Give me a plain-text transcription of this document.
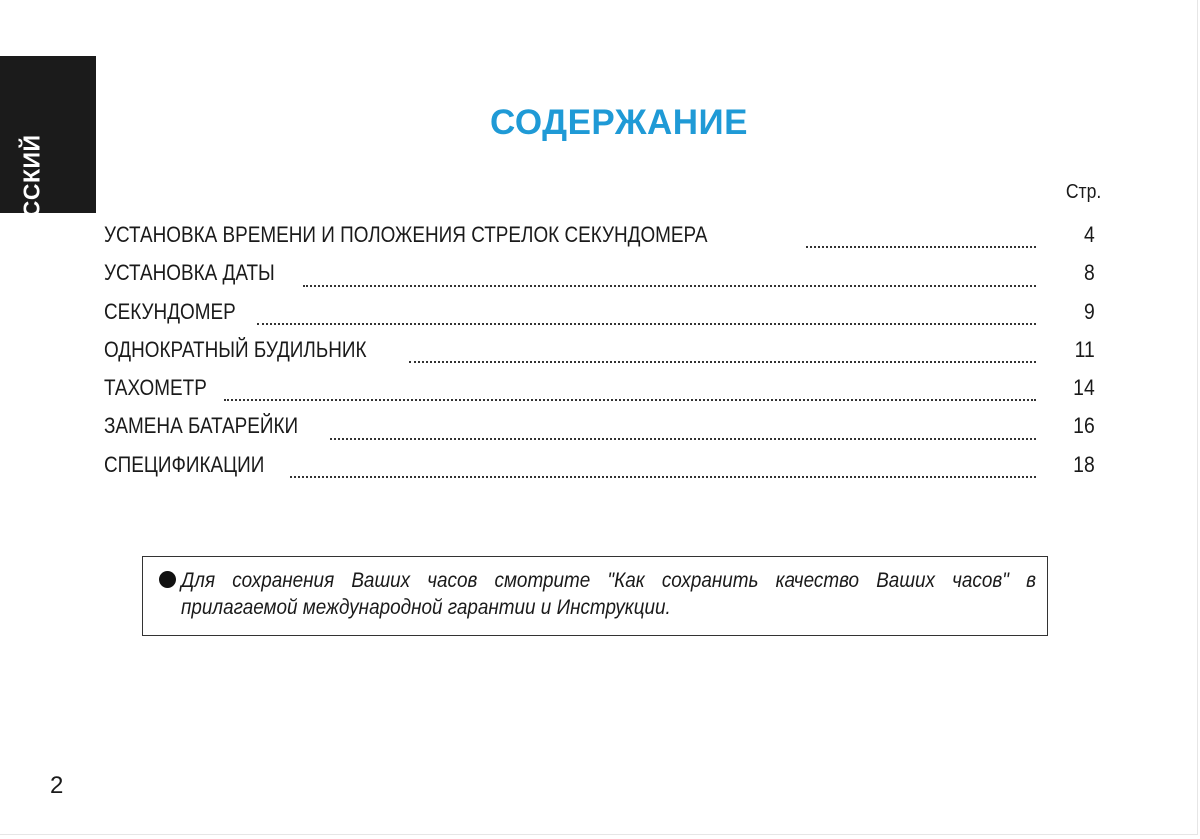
РУССКИЙ
СОДЕРЖАНИЕ
Стр.
УСТАНОВКА ВРЕМЕНИ И ПОЛОЖЕНИЯ СТРЕЛОК СЕКУНДОМЕРА	4
УСТАНОВКА ДАТЫ	8
СЕКУНДОМЕР	9
ОДНОКРАТНЫЙ БУДИЛЬНИК	11
ТАХОМЕТР	14
ЗАМЕНА БАТАРЕЙКИ	16
СПЕЦИФИКАЦИИ	18
Для сохранения Ваших часов смотрите "Как сохранить качество Ваших часов" в прилагаемой международной гарантии и Инструкции.
2
